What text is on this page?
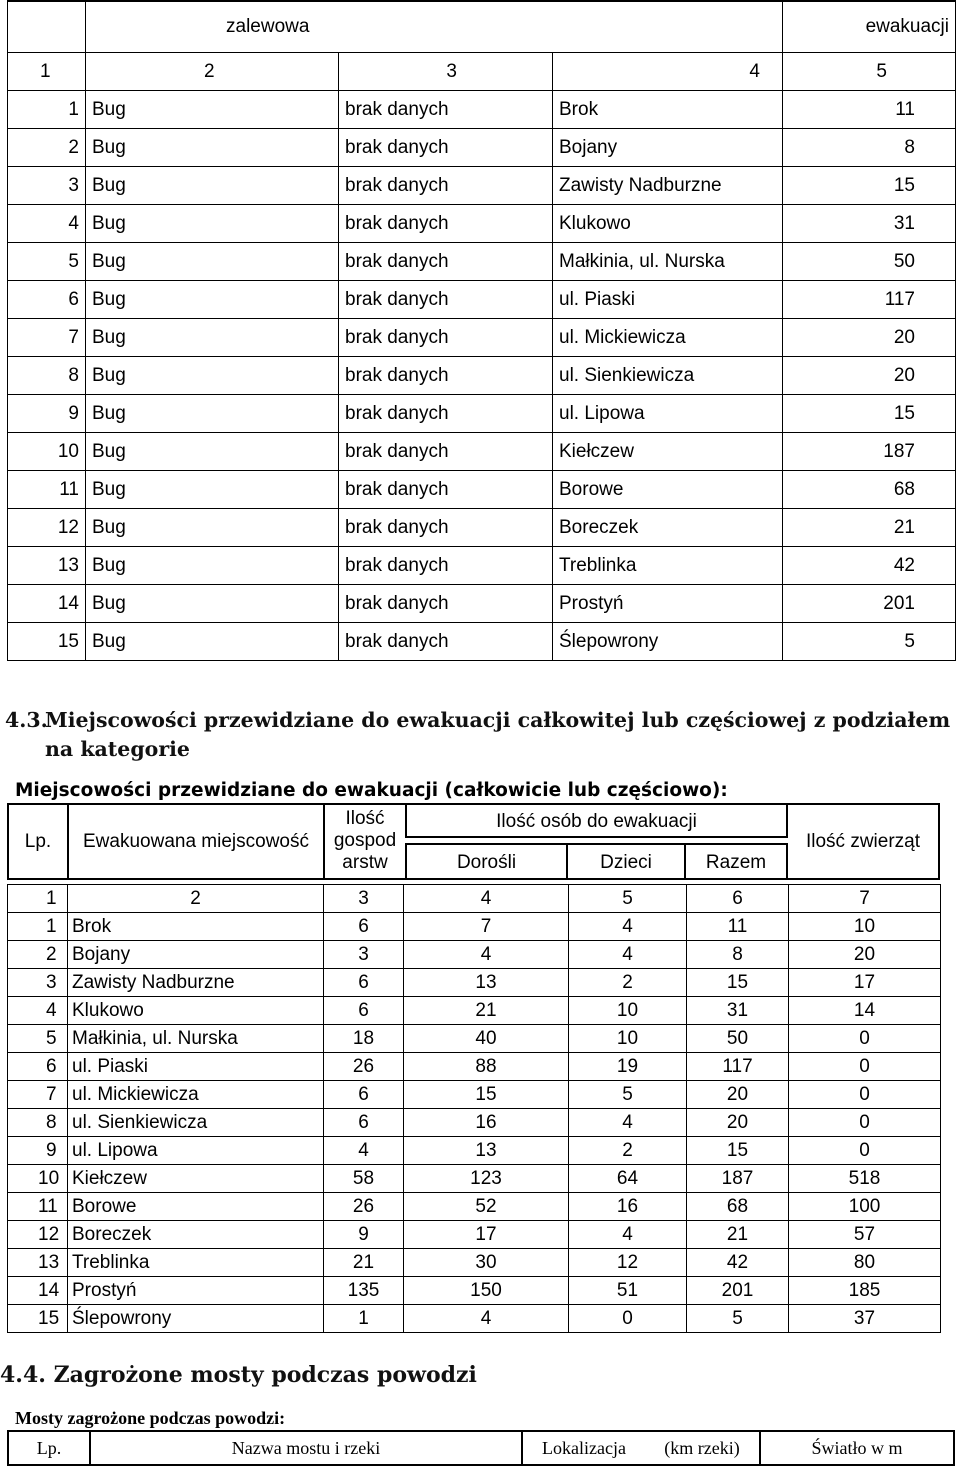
	zalewowa			ewakuacji
1	2	3	4	5
1	Bug	brak danych	Brok	11
2	Bug	brak danych	Bojany	8
3	Bug	brak danych	Zawisty Nadburzne	15
4	Bug	brak danych	Klukowo	31
5	Bug	brak danych	Małkinia, ul. Nurska	50
6	Bug	brak danych	ul. Piaski	117
7	Bug	brak danych	ul. Mickiewicza	20
8	Bug	brak danych	ul. Sienkiewicza	20
9	Bug	brak danych	ul. Lipowa	15
10	Bug	brak danych	Kiełczew	187
11	Bug	brak danych	Borowe	68
12	Bug	brak danych	Boreczek	21
13	Bug	brak danych	Treblinka	42
14	Bug	brak danych	Prostyń	201
15	Bug	brak danych	Ślepowrony	5
4.3.Miejscowości przewidziane do ewakuacji całkowitej lub częściowej z podziałem
na kategorie
Miejscowości przewidziane do ewakuacji (całkowicie lub częściowo):
Lp.	Ewakuowana miejscowość
Ilość
gospod
arstw
Ilość osób do ewakuacji
Dorośli	Dzieci	Razem
Ilość zwierząt
1	2	3	4	5	6	7
1	Brok	6	7	4	11	10
2	Bojany	3	4	4	8	20
3	Zawisty Nadburzne	6	13	2	15	17
4	Klukowo	6	21	10	31	14
5	Małkinia, ul. Nurska	18	40	10	50	0
6	ul. Piaski	26	88	19	117	0
7	ul. Mickiewicza	6	15	5	20	0
8	ul. Sienkiewicza	6	16	4	20	0
9	ul. Lipowa	4	13	2	15	0
10	Kiełczew	58	123	64	187	518
11	Borowe	26	52	16	68	100
12	Boreczek	9	17	4	21	57
13	Treblinka	21	30	12	42	80
14	Prostyń	135	150	51	201	185
15	Ślepowrony	1	4	0	5	37
4.4. Zagrożone mosty podczas powodzi
Mosty zagrożone podczas powodzi:
Lp.	Nazwa mostu i rzeki	Lokalizacja	(km rzeki)	Światło w m
